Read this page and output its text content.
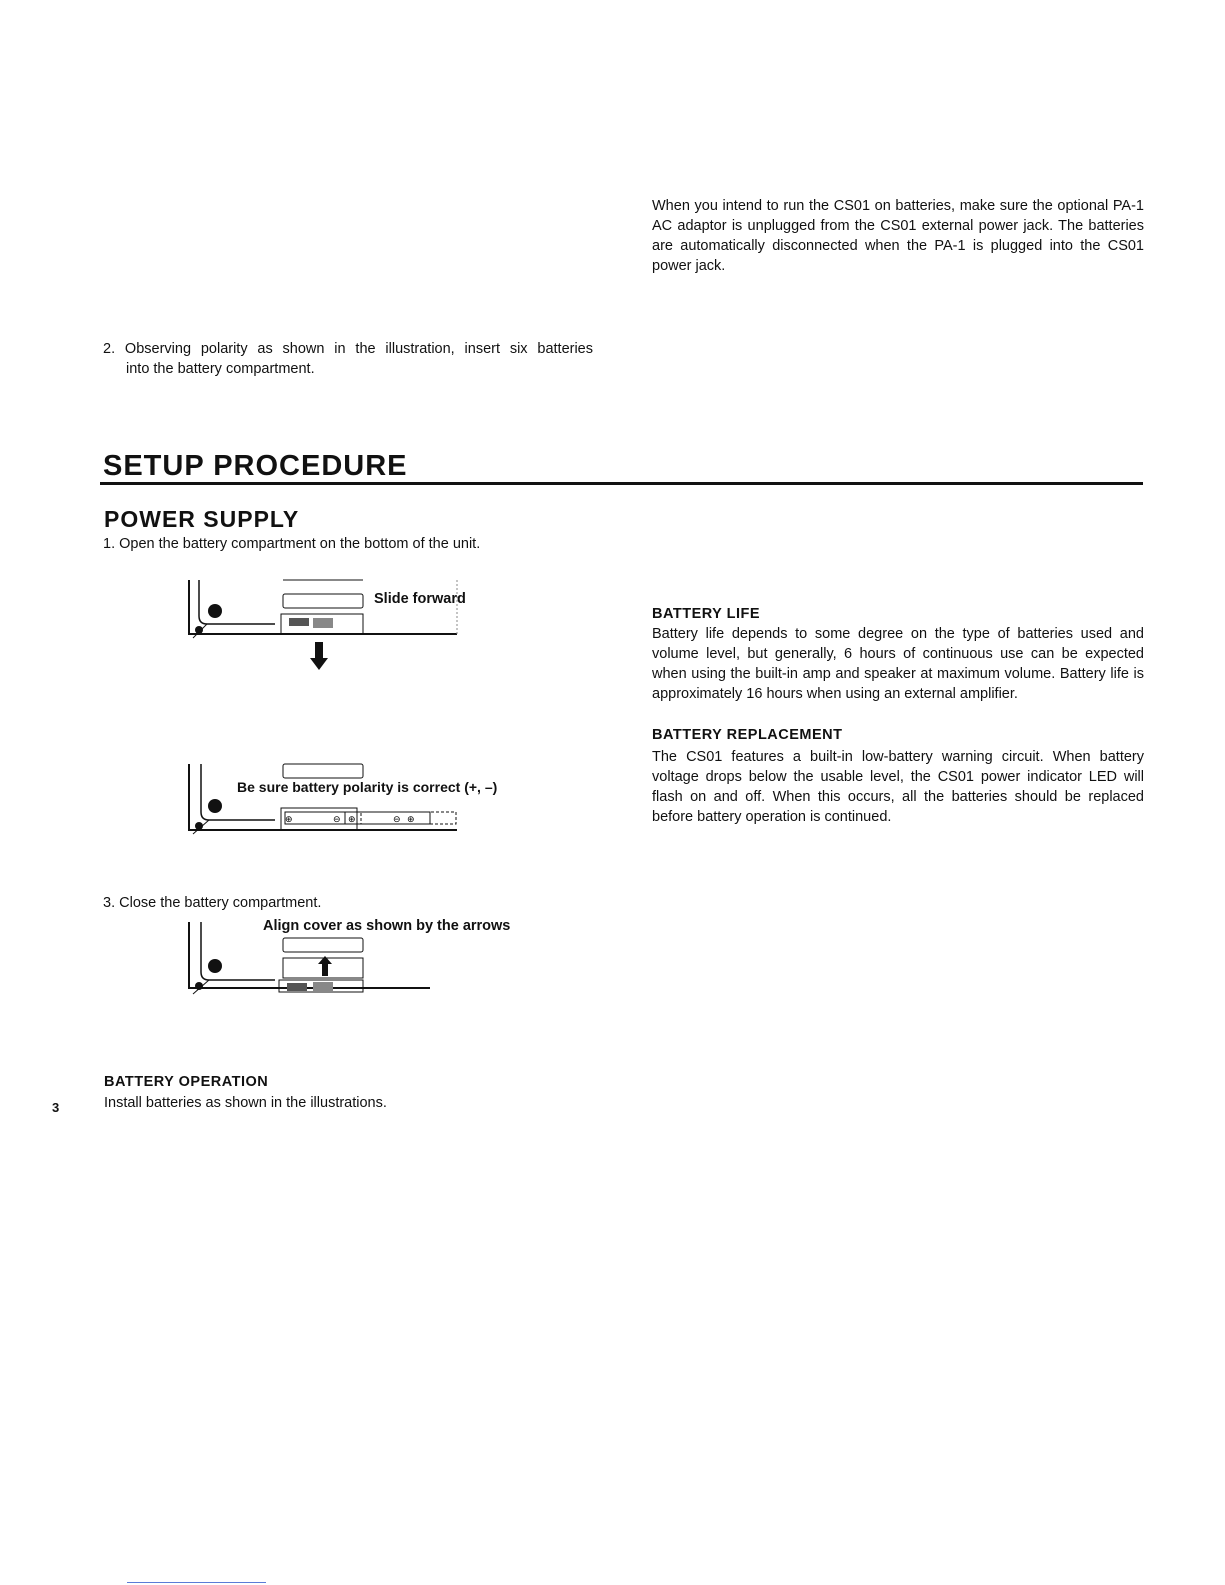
SETUP PROCEDURE
POWER SUPPLY
1. Open the battery compartment on the bottom of the unit.
Slide forward
2. Observing polarity as shown in the illustration, insert six batteries
into the battery compartment.
⊕	⊖ ⊕	⊖ ⊕
Be sure battery polarity is correct (+, –)
3. Close the battery compartment.
Align cover as shown by the arrows
BATTERY OPERATION
Install batteries as shown in the illustrations.
3

When you intend to run the CS01 on batteries, make sure the optional PA-1 AC adaptor is unplugged from the CS01 external power jack. The batteries are automatically disconnected when the PA-1 is plugged into the CS01 power jack.

BATTERY LIFE

Battery life depends to some degree on the type of batteries used and volume level, but generally, 6 hours of continuous use can be expected when using the built-in amp and speaker at maximum volume. Battery life is approximately 16 hours when using an external amplifier.

BATTERY REPLACEMENT

The CS01 features a built-in low-battery warning circuit. When battery voltage drops below the usable level, the CS01 power indicator LED will flash on and off. When this occurs, all the batteries should be replaced before battery operation is continued.
